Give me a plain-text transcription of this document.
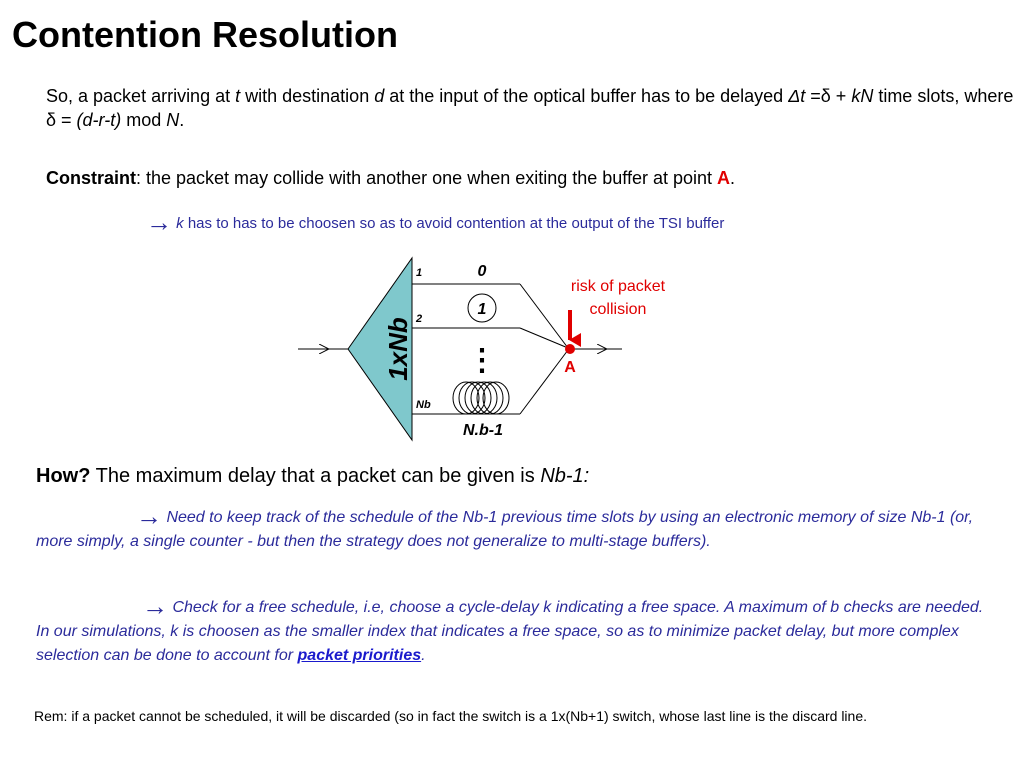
Contention Resolution
So, a packet arriving at t with destination d at the input of the optical buffer has to be delayed Δt =δ + kN time slots, where δ = (d-r-t) mod N.
Constraint: the packet may collide with another one when exiting the buffer at point A.
→ k has to has to be choosen so as to avoid contention at the output of the TSI buffer
1xNb
1
2
Nb
0
1
⋮
N.b-1
risk of packet
collision
A
How? The maximum delay that a packet can be given is Nb-1:
→ Need to keep track of the schedule of the Nb-1 previous time slots by using an electronic memory of size Nb-1 (or, more simply, a single counter - but then the strategy does not generalize to multi-stage buffers).
→ Check for a free schedule, i.e, choose a cycle-delay k indicating a free space. A maximum of b checks are needed. In our simulations, k is choosen as the smaller index that indicates a free space, so as to minimize packet delay, but more complex selection can be done to account for packet priorities.
Rem: if a packet cannot be scheduled, it will be discarded (so in fact the switch is a 1x(Nb+1) switch, whose last line is the discard line.
